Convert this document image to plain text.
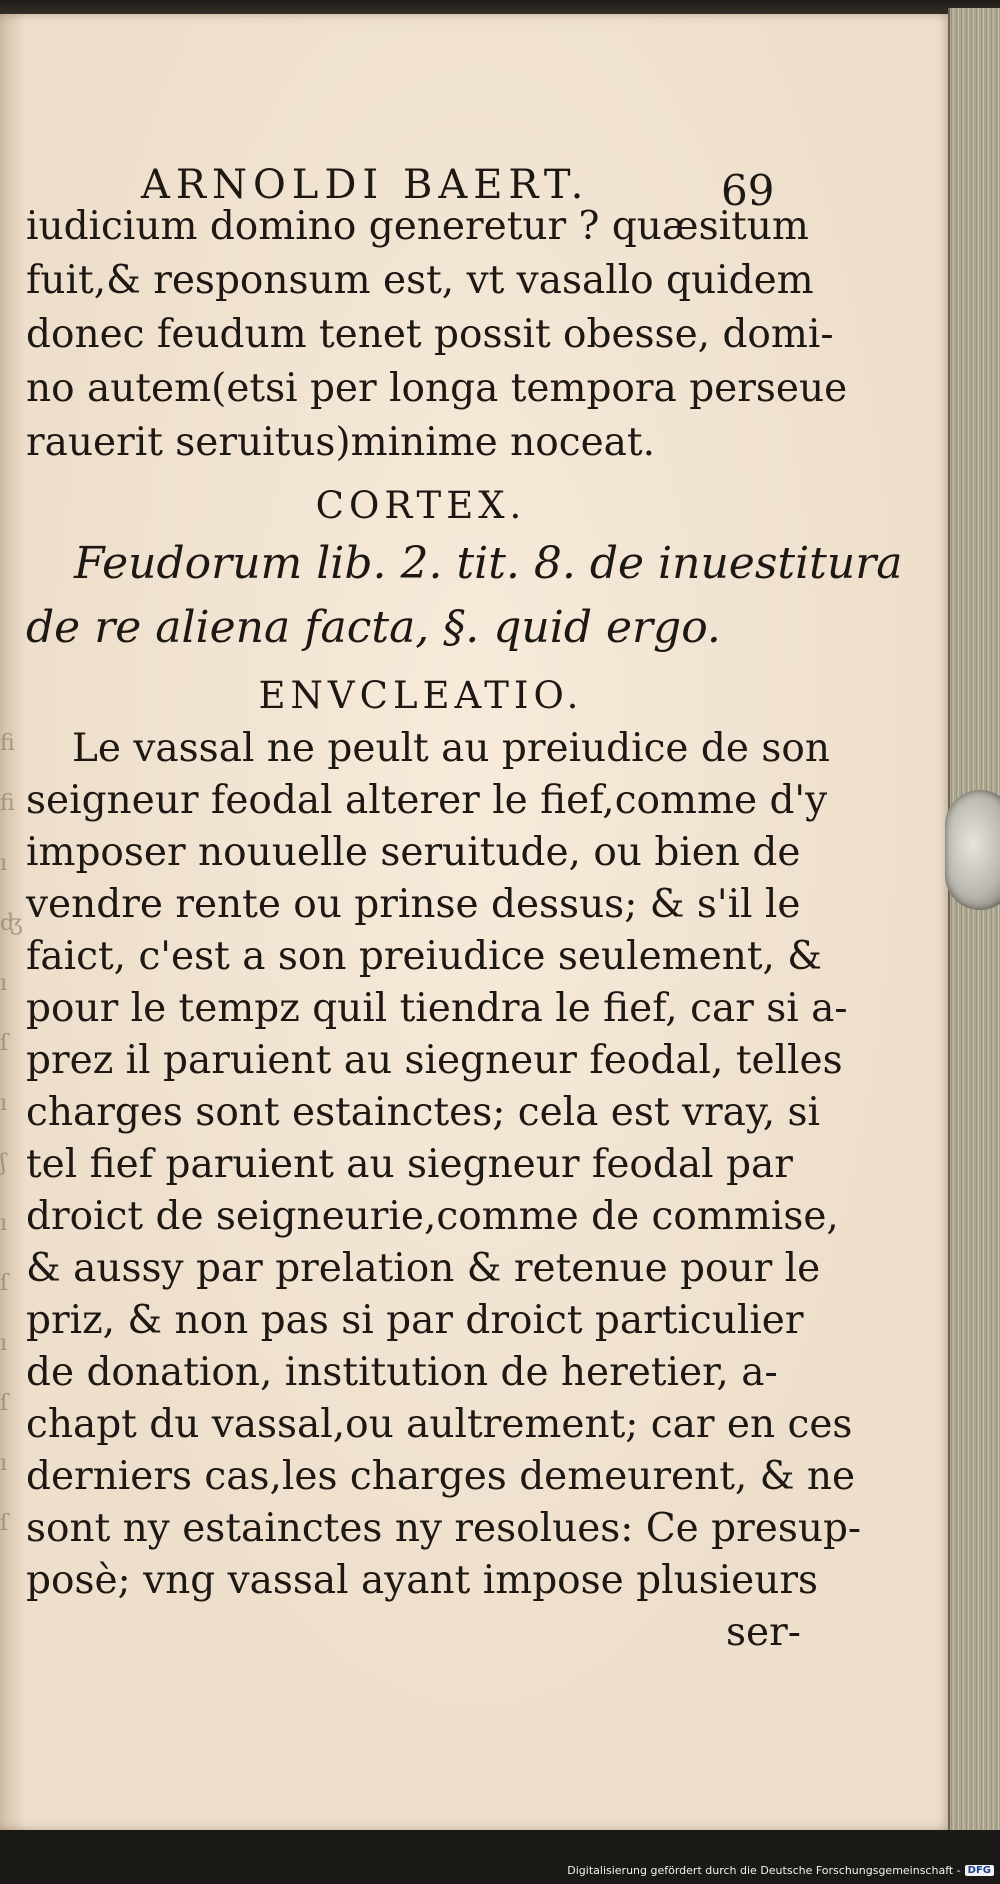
ﬁ
ﬁ
ı
ʤ
ı
ſ
ı
ʃ
ı
ſ
ı
ſ
ı
ſ
ARNOLDI BAERT.	69
iudicium domino generetur ? quæsitum
fuit,& responsum est, vt vasallo quidem
donec feudum tenet possit obesse, domi-
no autem(etsi per longa tempora perseue
rauerit seruitus)minime noceat.
CORTEX.
Feudorum lib. 2. tit. 8. de inuestitura
de re aliena facta, §. quid ergo.
ENVCLEATIO.
Le vassal ne peult au preiudice de son
seigneur feodal alterer le fief,comme d'y
imposer nouuelle seruitude, ou bien de
vendre rente ou prinse dessus; & s'il le
faict, c'est a son preiudice seulement, &
pour le tempz quil tiendra le fief, car si a-
prez il paruient au siegneur feodal, telles
charges sont estainctes; cela est vray, si
tel fief paruient au siegneur feodal par
droict de seigneurie,comme de commise,
& aussy par prelation & retenue pour le
priz, & non pas si par droict particulier
de donation, institution de heretier, a-
chapt du vassal,ou aultrement; car en ces
derniers cas,les charges demeurent, & ne
sont ny estainctes ny resolues: Ce presup-
posè; vng vassal ayant impose plusieurs
ser-
Digitalisierung gefördert durch die Deutsche Forschungsgemeinschaft - DFG
